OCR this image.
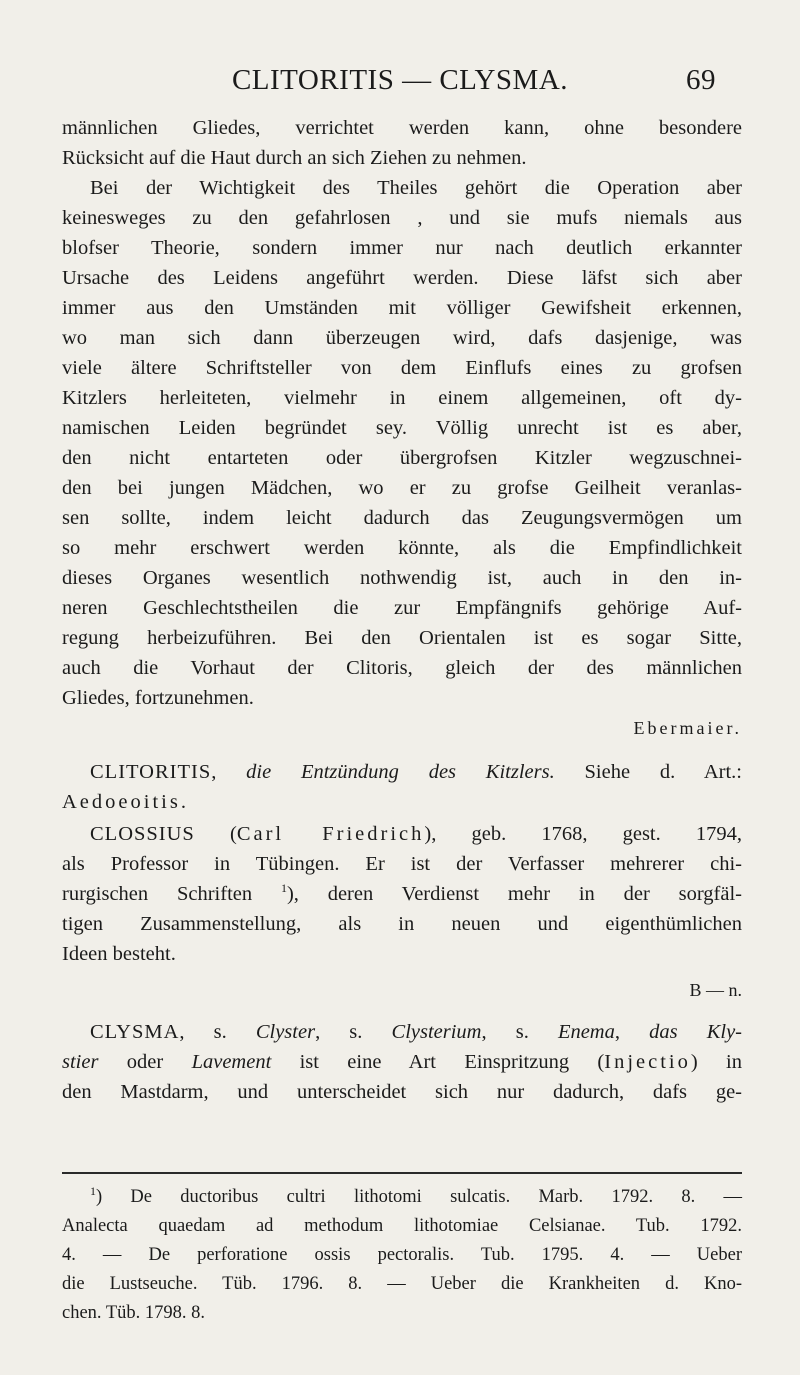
CLITORITIS — CLYSMA.	69
männlichen Gliedes, verrichtet werden kann, ohne besondere
Rücksicht auf die Haut durch an sich Ziehen zu nehmen.
Bei der Wichtigkeit des Theiles gehört die Operation aber
keinesweges zu den gefahrlosen , und sie mufs niemals aus
blofser Theorie, sondern immer nur nach deutlich erkannter
Ursache des Leidens angeführt werden. Diese läfst sich aber
immer aus den Umständen mit völliger Gewifsheit erkennen,
wo man sich dann überzeugen wird, dafs dasjenige, was
viele ältere Schriftsteller von dem Einflufs eines zu grofsen
Kitzlers herleiteten, vielmehr in einem allgemeinen, oft dy-
namischen Leiden begründet sey. Völlig unrecht ist es aber,
den nicht entarteten oder übergrofsen Kitzler wegzuschnei-
den bei jungen Mädchen, wo er zu grofse Geilheit veranlas-
sen sollte, indem leicht dadurch das Zeugungsvermögen um
so mehr erschwert werden könnte, als die Empfindlichkeit
dieses Organes wesentlich nothwendig ist, auch in den in-
neren Geschlechtstheilen die zur Empfängnifs gehörige Auf-
regung herbeizuführen. Bei den Orientalen ist es sogar Sitte,
auch die Vorhaut der Clitoris, gleich der des männlichen
Gliedes, fortzunehmen.
Ebermaier.
CLITORITIS, die Entzündung des Kitzlers. Siehe d. Art.:
Aedoeoitis.
CLOSSIUS (Carl Friedrich), geb. 1768, gest. 1794,
als Professor in Tübingen. Er ist der Verfasser mehrerer chi-
rurgischen Schriften $^1$), deren Verdienst mehr in der sorgfäl-
tigen Zusammenstellung, als in neuen und eigenthümlichen
Ideen besteht.
B — n.
CLYSMA, s. Clyster, s. Clysterium, s. Enema, das Kly-
stier oder Lavement ist eine Art Einspritzung (Injectio) in
den Mastdarm, und unterscheidet sich nur dadurch, dafs ge-
$^1$) De ductoribus cultri lithotomi sulcatis. Marb. 1792. 8. —
Analecta quaedam ad methodum lithotomiae Celsianae. Tub. 1792.
4. — De perforatione ossis pectoralis. Tub. 1795. 4. — Ueber
die Lustseuche. Tüb. 1796. 8. — Ueber die Krankheiten d. Kno-
chen. Tüb. 1798. 8.
